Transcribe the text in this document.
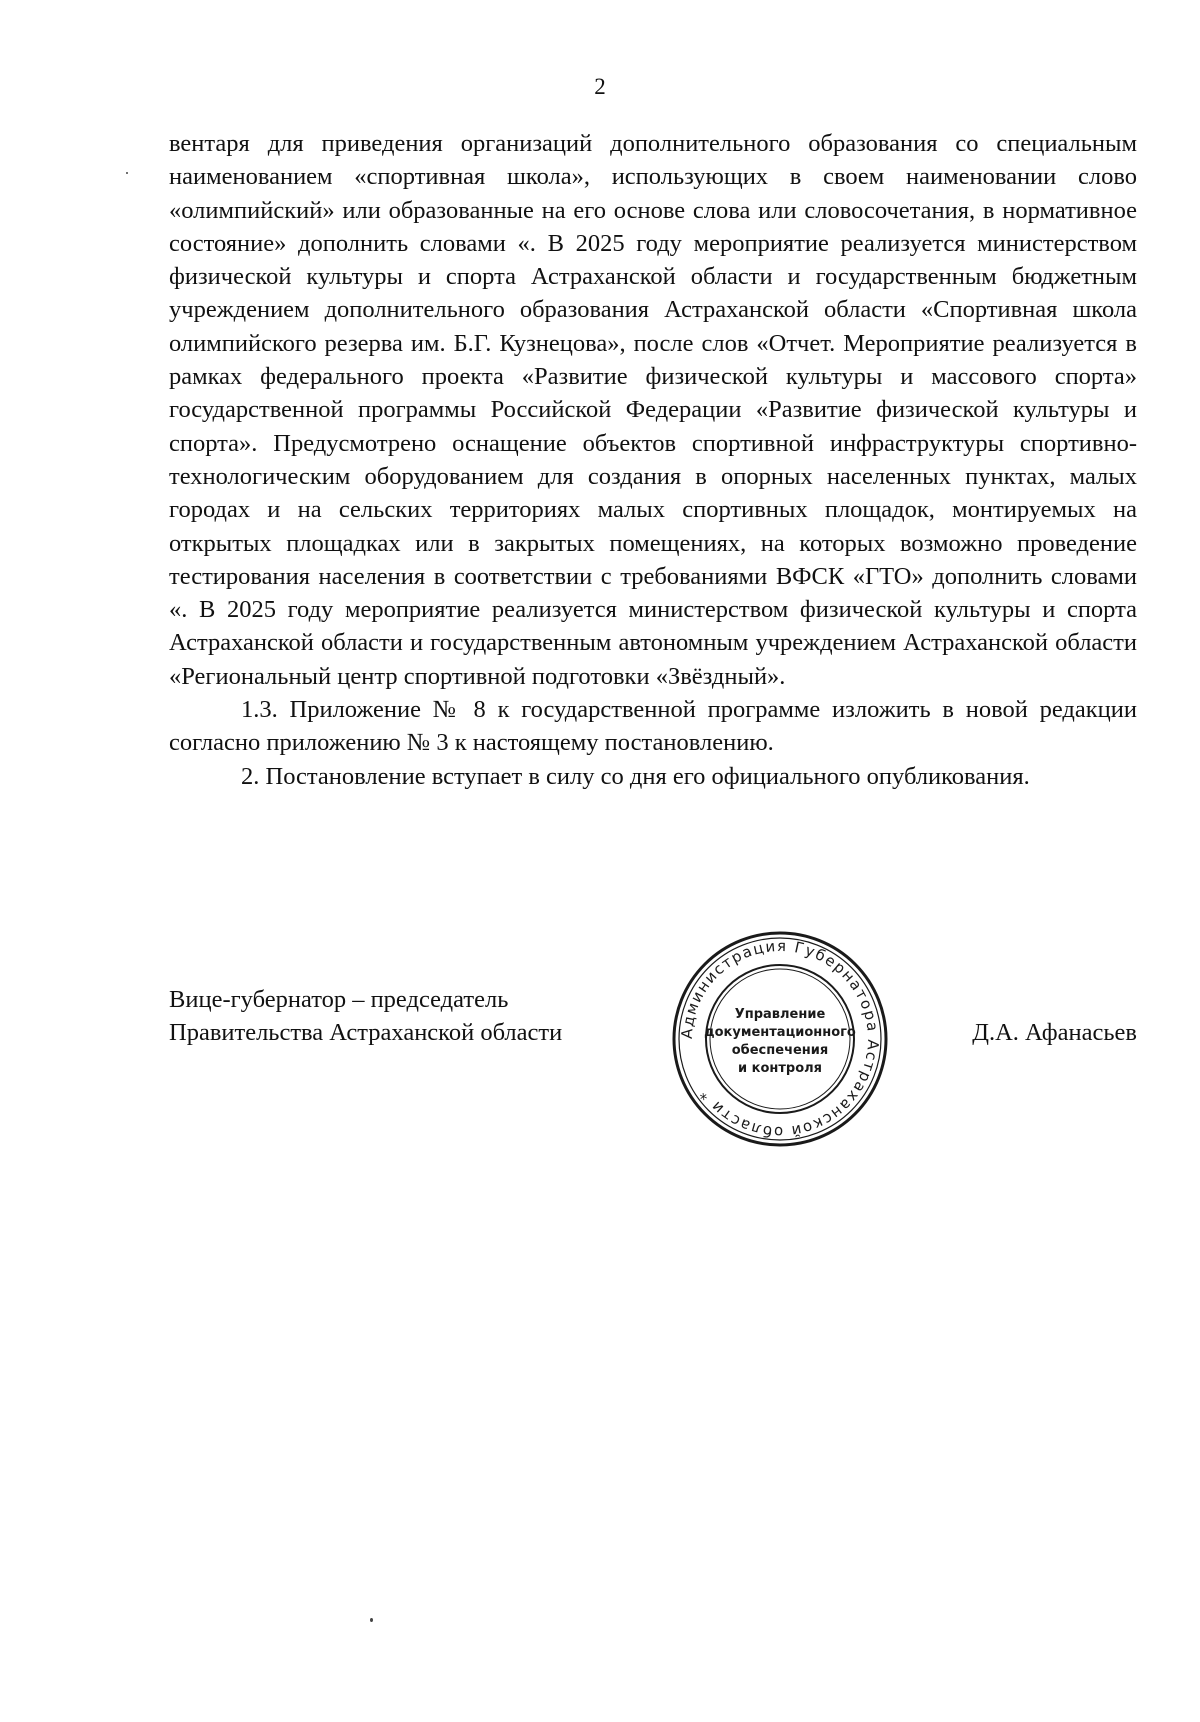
2

вентаря для приведения организаций дополнительного образования со специальным наименованием «спортивная школа», использующих в своем наименовании слово «олимпийский» или образованные на его основе слова или словосочетания, в нормативное состояние» дополнить словами «. В 2025 году мероприятие реализуется министерством физической культуры и спорта Астраханской области и государственным бюджетным учреждением дополнительного образования Астраханской области «Спортивная школа олимпийского резерва им. Б.Г. Кузнецова», после слов «Отчет. Мероприятие реализуется в рамках федерального проекта «Развитие физической культуры и массового спорта» государственной программы Российской Федерации «Развитие физической культуры и спорта». Предусмотрено оснащение объектов спортивной инфраструктуры спортивно-технологическим оборудованием для создания в опорных населенных пунктах, малых городах и на сельских территориях малых спортивных площадок, монтируемых на открытых площадках или в закрытых помещениях, на которых возможно проведение тестирования населения в соответствии с требованиями ВФСК «ГТО» дополнить словами «. В 2025 году мероприятие реализуется министерством физической культуры и спорта Астраханской области и государственным автономным учреждением Астраханской области «Региональный центр спортивной подготовки «Звёздный».

1.3. Приложение № 8 к государственной программе изложить в новой редакции согласно приложению № 3 к настоящему постановлению.

2. Постановление вступает в силу со дня его официального опубликования.

Вице-губернатор – председатель
Правительства Астраханской области	Д.А. Афанасьев
Администрация Губернатора Астраханской области *
Управление
документационного
обеспечения
и контроля
